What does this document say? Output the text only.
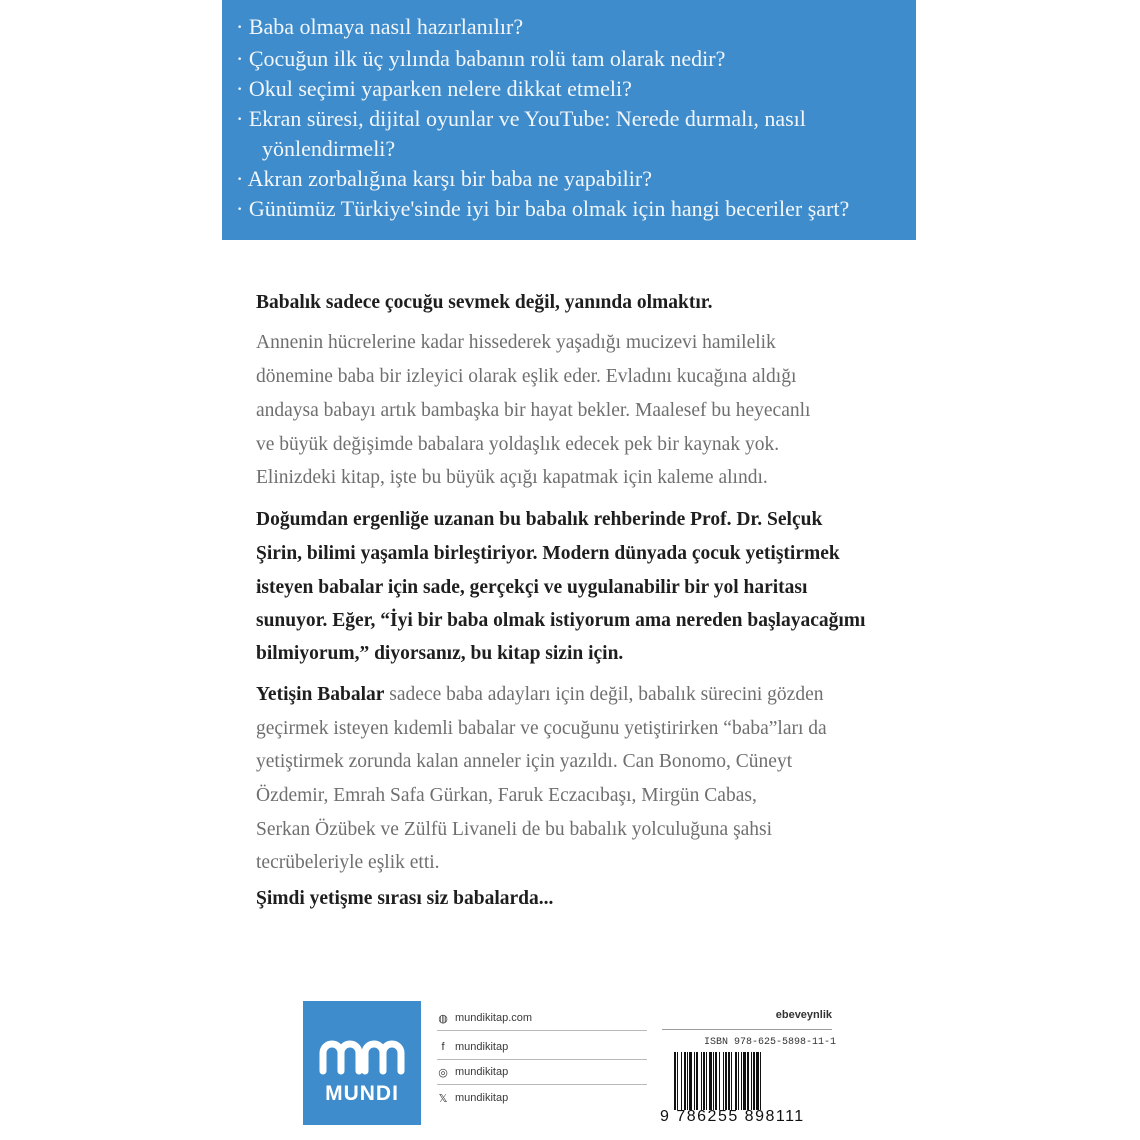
· Baba olmaya nasıl hazırlanılır?

· Çocuğun ilk üç yılında babanın rolü tam olarak nedir?

· Okul seçimi yaparken nelere dikkat etmeli?

· Ekran süresi, dijital oyunlar ve YouTube: Nerede durmalı, nasıl

yönlendirmeli?

· Akran zorbalığına karşı bir baba ne yapabilir?

· Günümüz Türkiye'sinde iyi bir baba olmak için hangi beceriler şart?

Babalık sadece çocuğu sevmek değil, yanında olmaktır.

Annenin hücrelerine kadar hissederek yaşadığı mucizevi hamilelik

dönemine baba bir izleyici olarak eşlik eder. Evladını kucağına aldığı

andaysa babayı artık bambaşka bir hayat bekler. Maalesef bu heyecanlı

ve büyük değişimde babalara yoldaşlık edecek pek bir kaynak yok.

Elinizdeki kitap, işte bu büyük açığı kapatmak için kaleme alındı.

Doğumdan ergenliğe uzanan bu babalık rehberinde Prof. Dr. Selçuk

Şirin, bilimi yaşamla birleştiriyor. Modern dünyada çocuk yetiştirmek

isteyen babalar için sade, gerçekçi ve uygulanabilir bir yol haritası

sunuyor. Eğer, “İyi bir baba olmak istiyorum ama nereden başlayacağımı

bilmiyorum,” diyorsanız, bu kitap sizin için.

Yetişin Babalar sadece baba adayları için değil, babalık sürecini gözden

geçirmek isteyen kıdemli babalar ve çocuğunu yetiştirirken “baba”ları da

yetiştirmek zorunda kalan anneler için yazıldı. Can Bonomo, Cüneyt

Özdemir, Emrah Safa Gürkan, Faruk Eczacıbaşı, Mirgün Cabas,

Serkan Özübek ve Zülfü Livaneli de bu babalık yolculuğuna şahsi

tecrübeleriyle eşlik etti.

Şimdi yetişme sırası siz babalarda...

MUNDI
◍ mundikitap.com
f mundikitap
◎ mundikitap
𝕏 mundikitap
ebeveynlik
ISBN 978-625-5898-11-1
9 786255 898111
